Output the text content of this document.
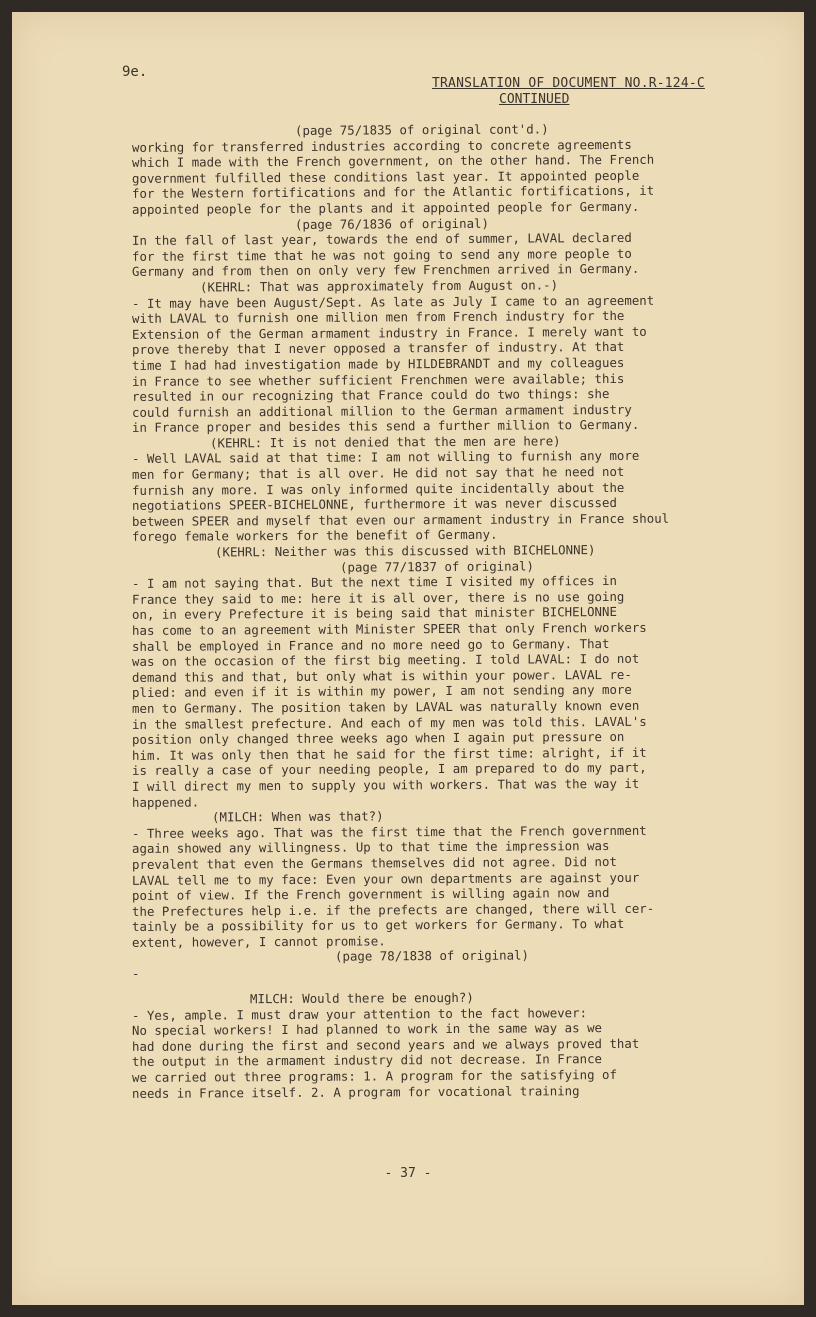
9e.
TRANSLATION OF DOCUMENT NO.R-124-C
CONTINUED
(page 75/1835 of original cont'd.)
working for transferred industries according to concrete agreements
which I made with the French government, on the other hand. The French
government fulfilled these conditions last year. It appointed people
for the Western fortifications and for the Atlantic fortifications, it
appointed people for the plants and it appointed people for Germany.
(page 76/1836 of original)
In the fall of last year, towards the end of summer, LAVAL declared
for the first time that he was not going to send any more people to
Germany and from then on only very few Frenchmen arrived in Germany.
(KEHRL: That was approximately from August on.-)
- It may have been August/Sept. As late as July I came to an agreement
with LAVAL to furnish one million men from French industry for the
Extension of the German armament industry in France. I merely want to
prove thereby that I never opposed a transfer of industry. At that
time I had had investigation made by HILDEBRANDT and my colleagues
in France to see whether sufficient Frenchmen were available; this
resulted in our recognizing that France could do two things: she
could furnish an additional million to the German armament industry
in France proper and besides this send a further million to Germany.
(KEHRL: It is not denied that the men are here)
- Well LAVAL said at that time: I am not willing to furnish any more
men for Germany; that is all over. He did not say that he need not
furnish any more. I was only informed quite incidentally about the
negotiations SPEER-BICHELONNE, furthermore it was never discussed
between SPEER and myself that even our armament industry in France shoul
forego female workers for the benefit of Germany.
(KEHRL: Neither was this discussed with BICHELONNE)
(page 77/1837 of original)
- I am not saying that. But the next time I visited my offices in
France they said to me: here it is all over, there is no use going
on, in every Prefecture it is being said that minister BICHELONNE
has come to an agreement with Minister SPEER that only French workers
shall be employed in France and no more need go to Germany. That
was on the occasion of the first big meeting. I told LAVAL: I do not
demand this and that, but only what is within your power. LAVAL re-
plied: and even if it is within my power, I am not sending any more
men to Germany. The position taken by LAVAL was naturally known even
in the smallest prefecture. And each of my men was told this. LAVAL's
position only changed three weeks ago when I again put pressure on
him. It was only then that he said for the first time: alright, if it
is really a case of your needing people, I am prepared to do my part,
I will direct my men to supply you with workers. That was the way it
happened.
(MILCH: When was that?)
- Three weeks ago. That was the first time that the French government
again showed any willingness. Up to that time the impression was
prevalent that even the Germans themselves did not agree. Did not
LAVAL tell me to my face: Even your own departments are against your
point of view. If the French government is willing again now and
the Prefectures help i.e. if the prefects are changed, there will cer-
tainly be a possibility for us to get workers for Germany. To what
extent, however, I cannot promise.
(page 78/1838 of original)
-
MILCH: Would there be enough?)
- Yes, ample. I must draw your attention to the fact however:
No special workers! I had planned to work in the same way as we
had done during the first and second years and we always proved that
the output in the armament industry did not decrease. In France
we carried out three programs: 1. A program for the satisfying of
needs in France itself. 2. A program for vocational training
- 37 -
